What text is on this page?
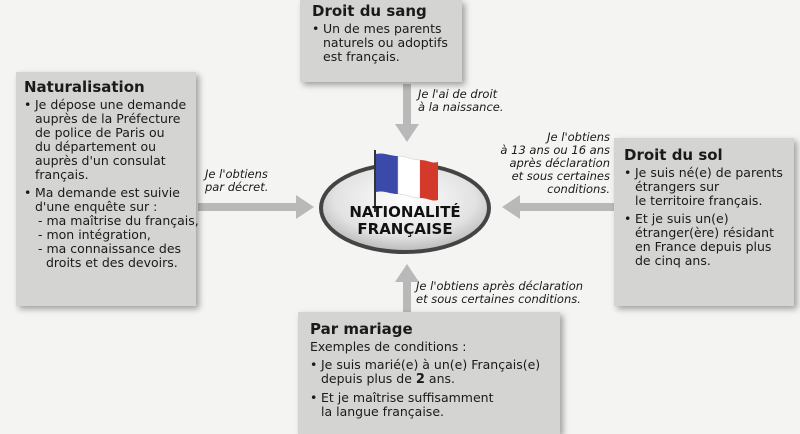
NATIONALITÉ
FRANÇAISE
Droit du sang
• Un de mes parents naturels ou adoptifs est français.
Je l'ai de droit
à la naissance.
Naturalisation
• Je dépose une demande
auprès de la Préfecture
de police de Paris ou
du département ou
auprès d'un consulat
français.
• Ma demande est suivie
d'une enquête sur :
- ma maîtrise du français,
- mon intégration,
- ma connaissance des
droits et des devoirs.
Je l'obtiens
par décret.
Droit du sol
• Je suis né(e) de parents
étrangers sur
le territoire français.
• Et je suis un(e)
étranger(ère) résidant
en France depuis plus
de cinq ans.
Je l'obtiens
à 13 ans ou 16 ans
après déclaration
et sous certaines
conditions.
Par mariage
Exemples de conditions :
• Je suis marié(e) à un(e) Français(e)
depuis plus de 2 ans.
• Et je maîtrise suffisamment
la langue française.
Je l'obtiens après déclaration
et sous certaines conditions.
